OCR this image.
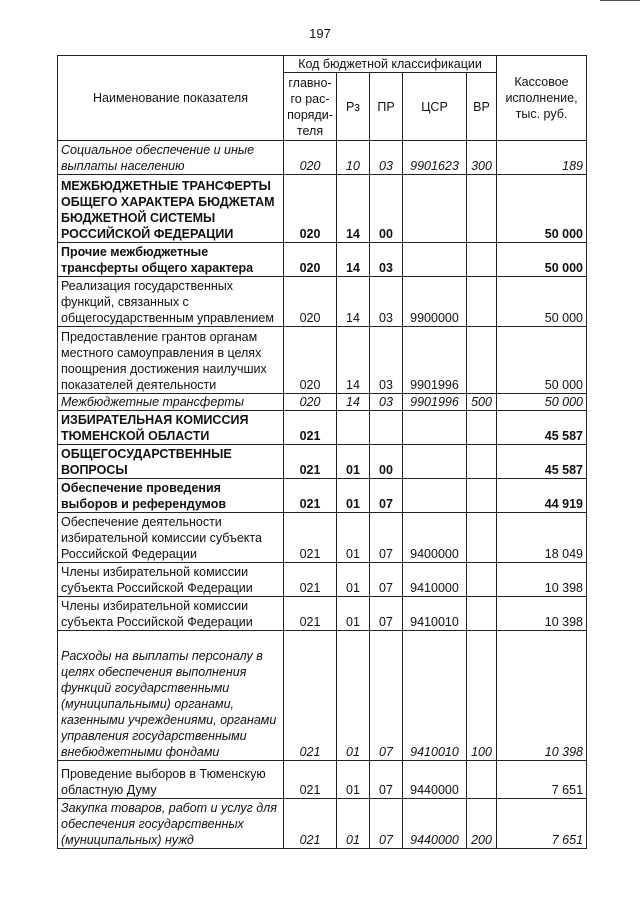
197
Наименование показателя	Код бюджетной классификации					Кассовое исполнение, тыс. руб.
	главно-го рас-поряди-теля	Рз	ПР	ЦСР	ВР	
Социальное обеспечение и иные выплаты населению	020	10	03	9901623	300	189
МЕЖБЮДЖЕТНЫЕ ТРАНСФЕРТЫ ОБЩЕГО ХАРАКТЕРА БЮДЖЕТАМ БЮДЖЕТНОЙ СИСТЕМЫ РОССИЙСКОЙ ФЕДЕРАЦИИ	020	14	00			50 000
Прочие межбюджетные трансферты общего характера	020	14	03			50 000
Реализация государственных функций, связанных с общегосударственным управлением	020	14	03	9900000		50 000
Предоставление грантов органам местного самоуправления в целях поощрения достижения наилучших показателей деятельности	020	14	03	9901996		50 000
Межбюджетные трансферты	020	14	03	9901996	500	50 000
ИЗБИРАТЕЛЬНАЯ КОМИССИЯ ТЮМЕНСКОЙ ОБЛАСТИ	021					45 587
ОБЩЕГОСУДАРСТВЕННЫЕ ВОПРОСЫ	021	01	00			45 587
Обеспечение проведения выборов и референдумов	021	01	07			44 919
Обеспечение деятельности избирательной комиссии субъекта Российской Федерации	021	01	07	9400000		18 049
Члены избирательной комиссии субъекта Российской Федерации	021	01	07	9410000		10 398
Члены избирательной комиссии субъекта Российской Федерации	021	01	07	9410010		10 398
Расходы на выплаты персоналу в целях обеспечения выполнения функций государственными (муниципальными) органами, казенными учреждениями, органами управления государственными внебюджетными фондами	021	01	07	9410010	100	10 398
Проведение выборов в Тюменскую областную Думу	021	01	07	9440000		7 651
Закупка товаров, работ и услуг для обеспечения государственных (муниципальных) нужд	021	01	07	9440000	200	7 651
